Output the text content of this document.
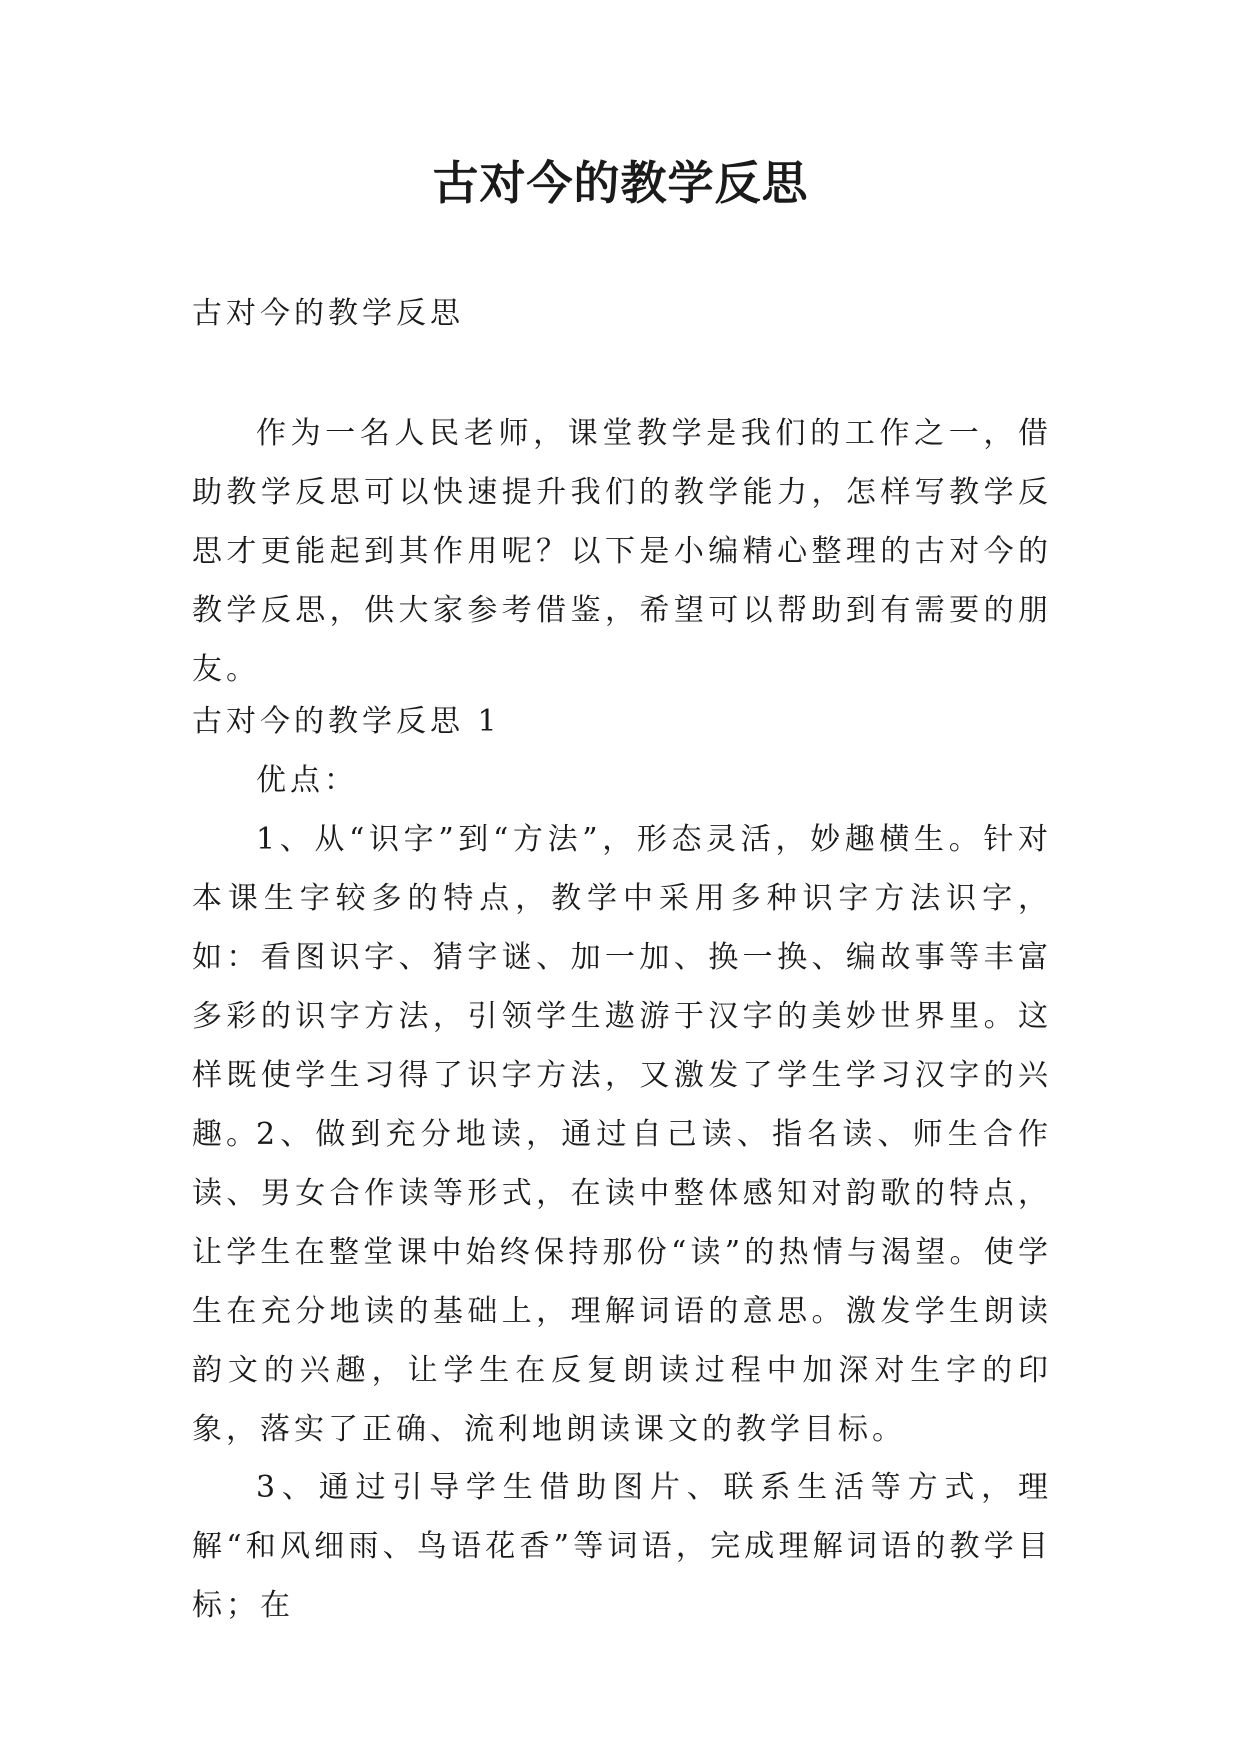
古对今的教学反思

古对今的教学反思

作为一名人民老师，课堂教学是我们的工作之一，借助教学反思可以快速提升我们的教学能力，怎样写教学反思才更能起到其作用呢？以下是小编精心整理的古对今的教学反思，供大家参考借鉴，希望可以帮助到有需要的朋友。

古对今的教学反思 1

优点：

1、从“识字”到“方法”，形态灵活，妙趣横生。针对本课生字较多的特点，教学中采用多种识字方法识字，如：看图识字、猜字谜、加一加、换一换、编故事等丰富多彩的识字方法，引领学生遨游于汉字的美妙世界里。这样既使学生习得了识字方法，又激发了学生学习汉字的兴趣。

2、做到充分地读，通过自己读、指名读、师生合作读、男女合作读等形式，在读中整体感知对韵歌的特点，让学生在整堂课中始终保持那份“读”的热情与渴望。使学生在充分地读的基础上，理解词语的意思。激发学生朗读韵文的兴趣，让学生在反复朗读过程中加深对生字的印象，落实了正确、流利地朗读课文的教学目标。

3、通过引导学生借助图片、联系生活等方式，理解“和风细雨、鸟语花香”等词语，完成理解词语的教学目标；在
